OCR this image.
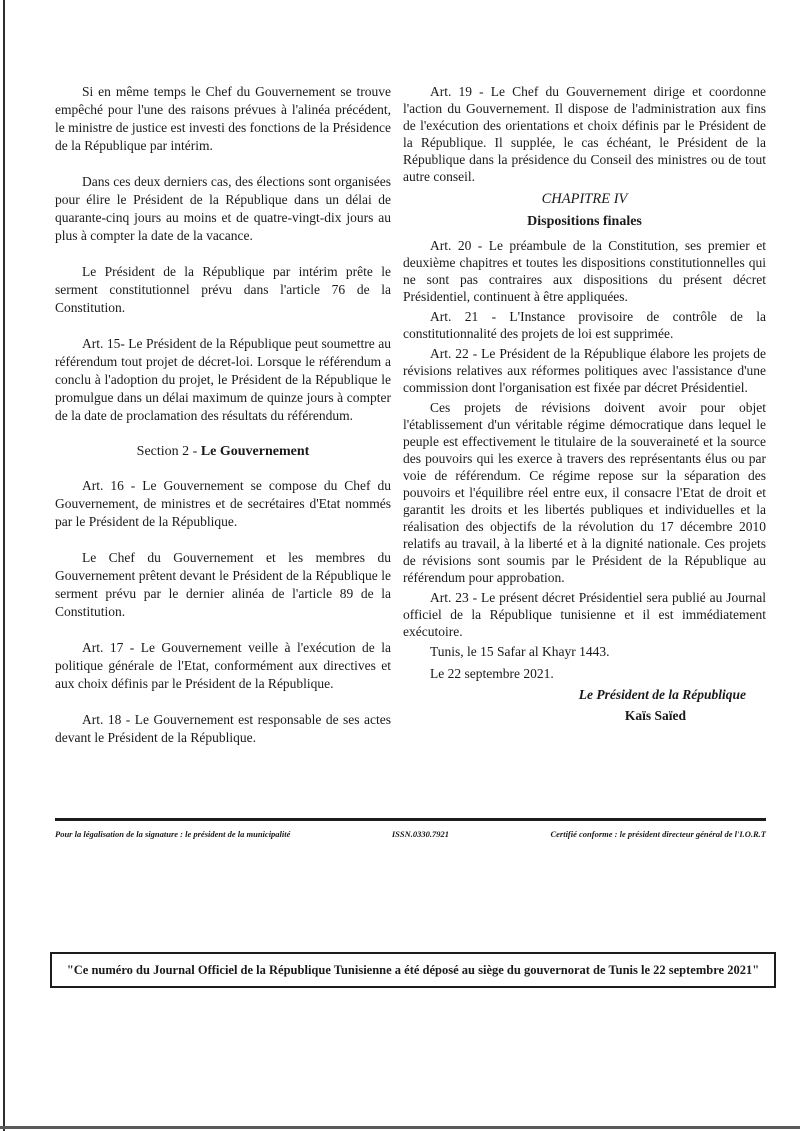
Si en même temps le Chef du Gouvernement se trouve empêché pour l'une des raisons prévues à l'alinéa précédent, le ministre de justice est investi des fonctions de la Présidence de la République par intérim.

Dans ces deux derniers cas, des élections sont organisées pour élire le Président de la République dans un délai de quarante-cinq jours au moins et de quatre-vingt-dix jours au plus à compter la date de la vacance.

Le Président de la République par intérim prête le serment constitutionnel prévu dans l'article 76 de la Constitution.

Art. 15- Le Président de la République peut soumettre au référendum tout projet de décret-loi. Lorsque le référendum a conclu à l'adoption du projet, le Président de la République le promulgue dans un délai maximum de quinze jours à compter de la date de proclamation des résultats du référendum.

Section 2 - Le Gouvernement

Art. 16 - Le Gouvernement se compose du Chef du Gouvernement, de ministres et de secrétaires d'Etat nommés par le Président de la République.

Le Chef du Gouvernement et les membres du Gouvernement prêtent devant le Président de la République le serment prévu par le dernier alinéa de l'article 89 de la Constitution.

Art. 17 - Le Gouvernement veille à l'exécution de la politique générale de l'Etat, conformément aux directives et aux choix définis par le Président de la République.

Art. 18 - Le Gouvernement est responsable de ses actes devant le Président de la République.

Art. 19 - Le Chef du Gouvernement dirige et coordonne l'action du Gouvernement. Il dispose de l'administration aux fins de l'exécution des orientations et choix définis par le Président de la République. Il supplée, le cas échéant, le Président de la République dans la présidence du Conseil des ministres ou de tout autre conseil.

CHAPITRE IV
Dispositions finales

Art. 20 - Le préambule de la Constitution, ses premier et deuxième chapitres et toutes les dispositions constitutionnelles qui ne sont pas contraires aux dispositions du présent décret Présidentiel, continuent à être appliquées.

Art. 21 - L'Instance provisoire de contrôle de la constitutionnalité des projets de loi est supprimée.

Art. 22 - Le Président de la République élabore les projets de révisions relatives aux réformes politiques avec l'assistance d'une commission dont l'organisation est fixée par décret Présidentiel.

Ces projets de révisions doivent avoir pour objet l'établissement d'un véritable régime démocratique dans lequel le peuple est effectivement le titulaire de la souveraineté et la source des pouvoirs qui les exerce à travers des représentants élus ou par voie de référendum. Ce régime repose sur la séparation des pouvoirs et l'équilibre réel entre eux, il consacre l'Etat de droit et garantit les droits et les libertés publiques et individuelles et la réalisation des objectifs de la révolution du 17 décembre 2010 relatifs au travail, à la liberté et à la dignité nationale. Ces projets de révisions sont soumis par le Président de la République au référendum pour approbation.

Art. 23 - Le présent décret Présidentiel sera publié au Journal officiel de la République tunisienne et il est immédiatement exécutoire.

Tunis, le 15 Safar al Khayr 1443.

Le 22 septembre 2021.

Le Président de la République

Kaïs Saïed

Pour la légalisation de la signature : le président de la municipalité	ISSN.0330.7921	Certifié conforme : le président directeur général de l'I.O.R.T
"Ce numéro du Journal Officiel de la République Tunisienne a été déposé au siège du gouvernorat de Tunis le 22 septembre 2021"
